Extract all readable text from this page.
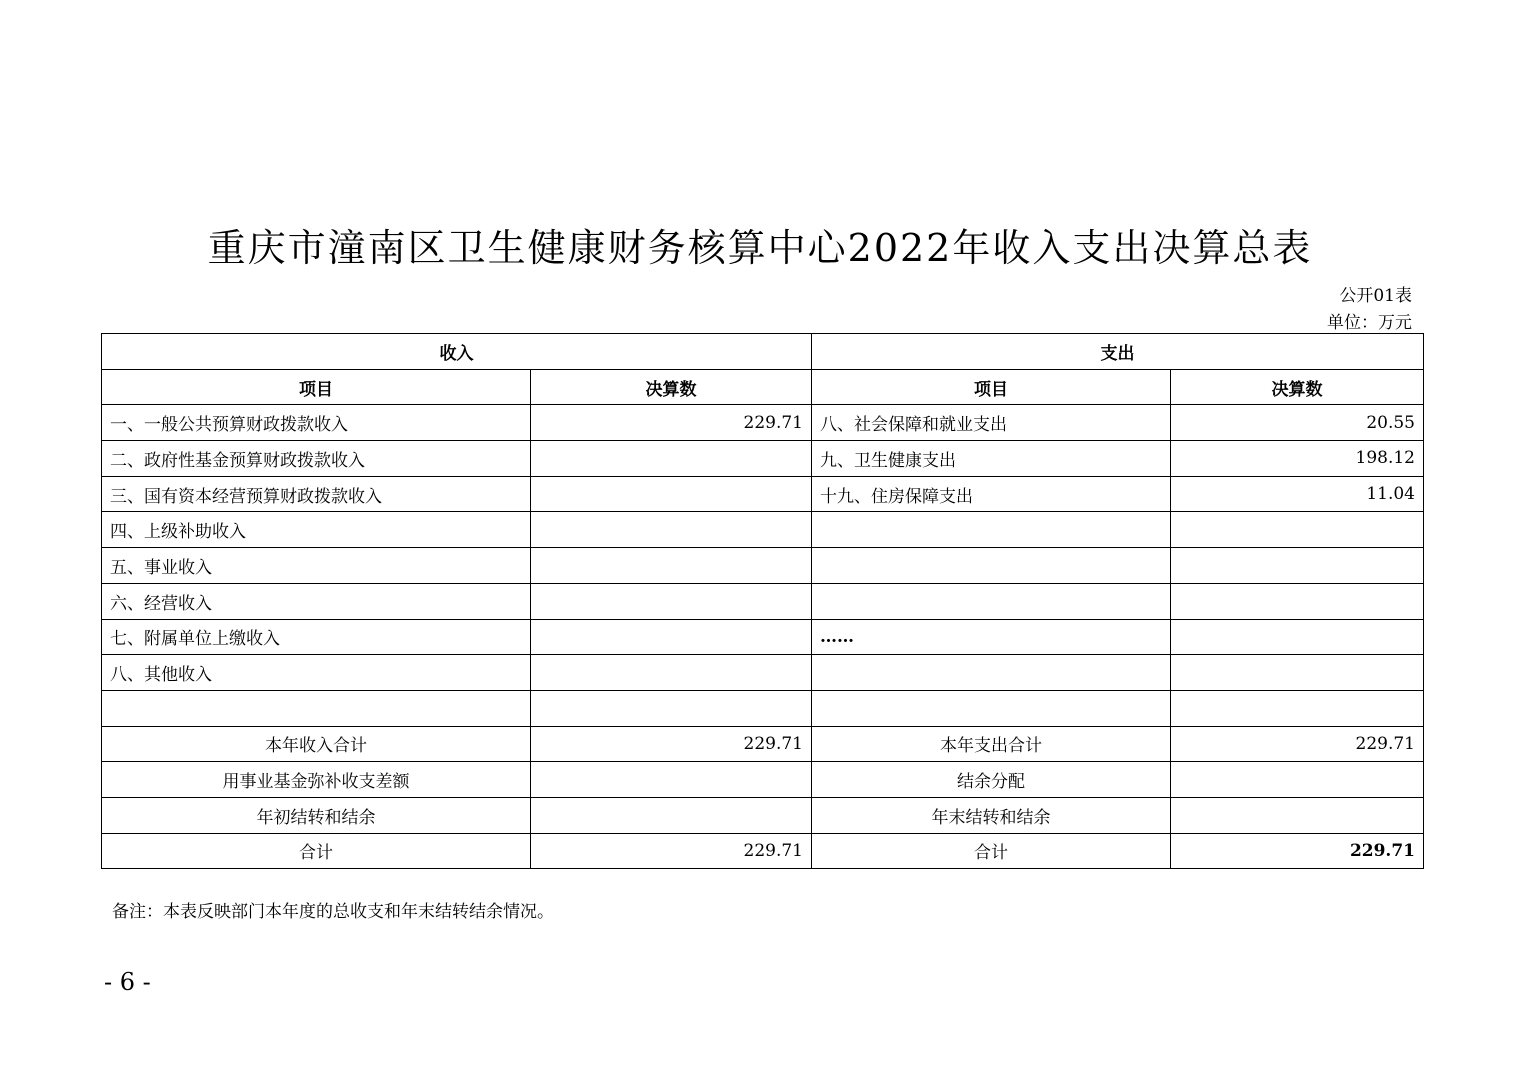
重庆市潼南区卫生健康财务核算中心2022年收入支出决算总表
公开01表
单位：万元
收入		支出	
项目	决算数	项目	决算数
一、一般公共预算财政拨款收入	229.71	八、社会保障和就业支出	20.55
二、政府性基金预算财政拨款收入		九、卫生健康支出	198.12
三、国有资本经营预算财政拨款收入		十九、住房保障支出	11.04
四、上级补助收入			
五、事业收入			
六、经营收入			
七、附属单位上缴收入		……	
八、其他收入			

本年收入合计	229.71	本年支出合计	229.71
用事业基金弥补收支差额		结余分配	
年初结转和结余		年末结转和结余	
合计	229.71	合计	229.71
备注：本表反映部门本年度的总收支和年末结转结余情况。
- 6 -
